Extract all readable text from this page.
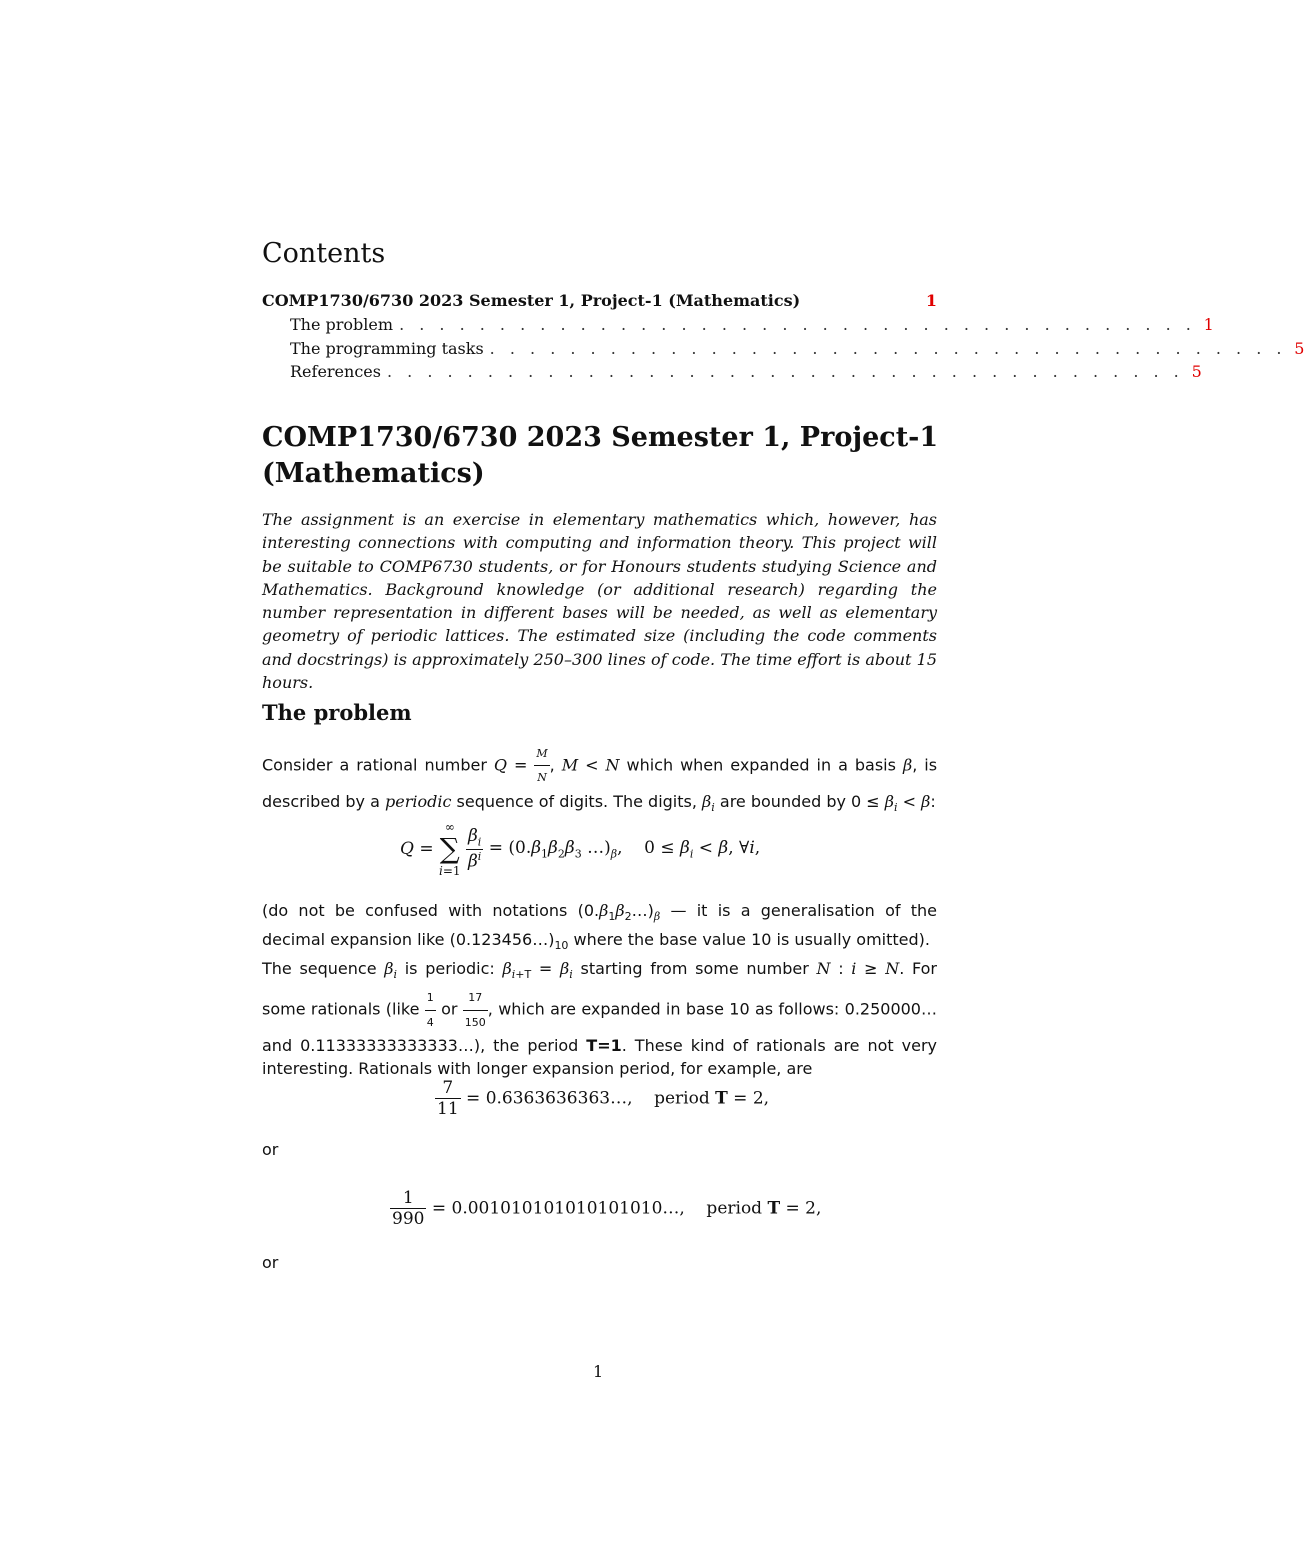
Contents
COMP1730/6730 2023 Semester 1, Project-1 (Mathematics)	1
The problem . . . . . . . . . . . . . . . . . . . . . . . . . . . . . . . . . . . . . . . . 1
The programming tasks . . . . . . . . . . . . . . . . . . . . . . . . . . . . . . . . . . . . . . . . 5
References . . . . . . . . . . . . . . . . . . . . . . . . . . . . . . . . . . . . . . . . 5
COMP1730/6730 2023 Semester 1, Project-1 (Mathematics)

The assignment is an exercise in elementary mathematics which, however, has interesting connections with computing and information theory. This project will be suitable to COMP6730 students, or for Honours students studying Science and Mathematics. Background knowledge (or additional research) regarding the number representation in different bases will be needed, as well as elementary geometry of periodic lattices. The estimated size (including the code comments and docstrings) is approximately 250–300 lines of code. The time effort is about 15 hours.

The problem

Consider a rational number $Q = \frac{M}{N}$ , M < N which when expanded in a basis β, is described by a periodic sequence of digits. The digits, $\beta_i$ are bounded by $0 \le \beta_i < \beta$:

Q = ∞
∑
$i=1 \frac{\beta_i}{\beta^i} = (0.\beta_1\beta_2\beta_3$ $\dots)_\beta$,    $0 \le \beta_i < \beta$, ∀i,

(do not be confused with notations $(0.\beta_1\beta_2\dots)_\beta$ — it is a generalisation of the decimal expansion like $(0.123456\dots)_{10}$ where the base value 10 is usually omitted).

The sequence $\beta_i$ is periodic: $\beta_{i+T} = \beta_i$ starting from some number N : i ≥ N. For some rationals (like $\frac{1}{4}$ or $\frac{17}{150}$ , which are expanded in base 10 as follows: 0.250000… and 0.11333333333333…), the period T=1. These kind of rationals are not very interesting. Rationals with longer expansion period, for example, are

$\frac{7}{11}$ = 0.6363636363…,    period T = 2,
or
$\frac{1}{990}$ = 0.001010101010101010…,    period T = 2,
or
1
